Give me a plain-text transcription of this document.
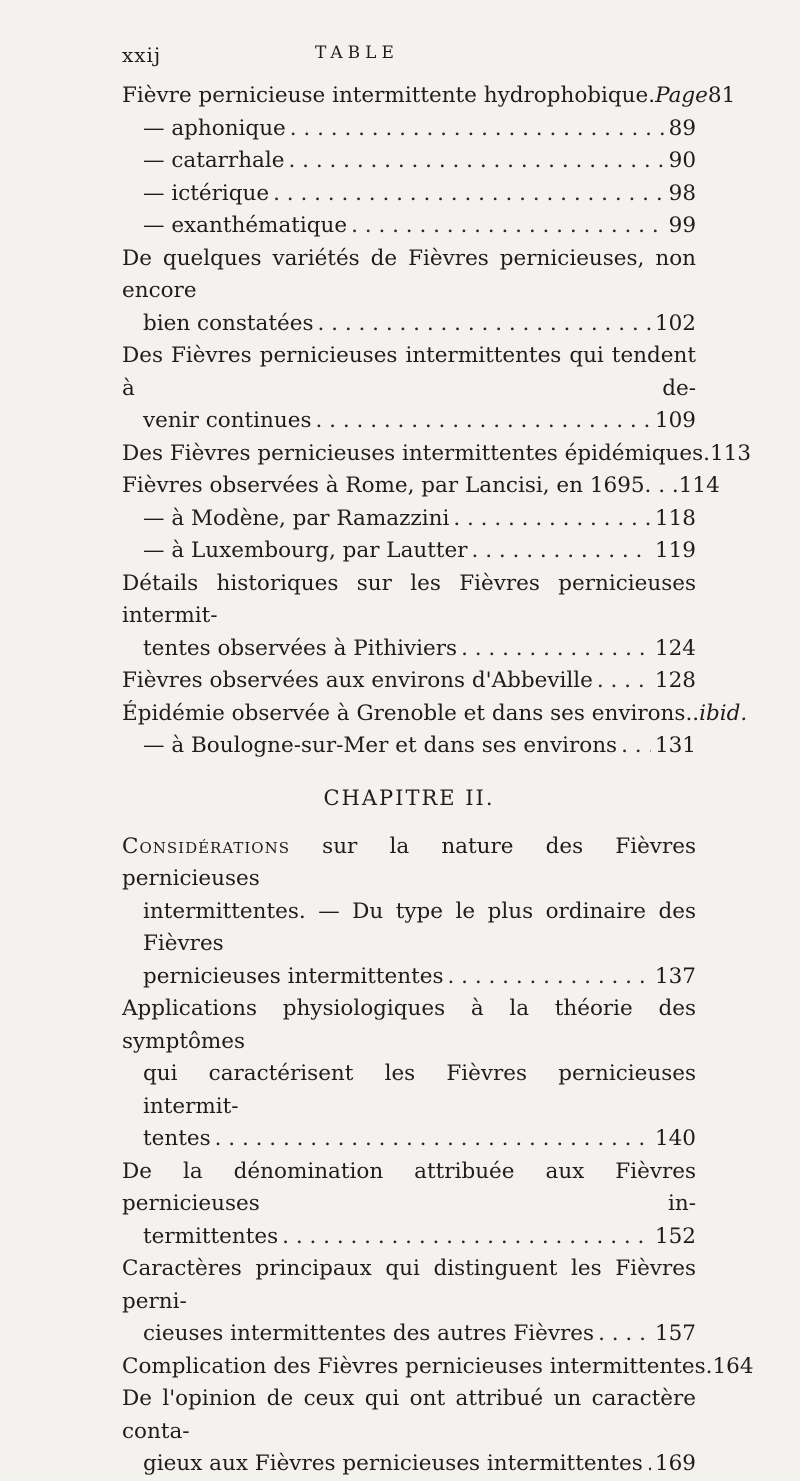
xxij	TABLE
Fièvre pernicieuse intermittente hydrophobique. Page 81
— aphonique . . .	89
— catarrhale . . .	90
— ictérique . . .	98
— exanthématique . . .	99
De quelques variétés de Fièvres pernicieuses, non encore
bien constatées . . .	102
Des Fièvres pernicieuses intermittentes qui tendent à de-
venir continues . . .	109
Des Fièvres pernicieuses intermittentes épidémiques. 113
Fièvres observées à Rome, par Lancisi, en 1695. . . 114
— à Modène, par Ramazzini . . .	118
— à Luxembourg, par Lautter . . .	119
Détails historiques sur les Fièvres pernicieuses intermit-
tentes observées à Pithiviers . . .	124
Fièvres observées aux environs d'Abbeville . . .	128
Épidémie observée à Grenoble et dans ses environs.. ibid.
— à Boulogne-sur-Mer et dans ses environs . . . 131
CHAPITRE II.
Considérations sur la nature des Fièvres pernicieuses
intermittentes. — Du type le plus ordinaire des Fièvres
pernicieuses intermittentes . . .	137
Applications physiologiques à la théorie des symptômes
qui caractérisent les Fièvres pernicieuses intermit-
tentes . . .	140
De la dénomination attribuée aux Fièvres pernicieuses in-
termittentes . . .	152
Caractères principaux qui distinguent les Fièvres perni-
cieuses intermittentes des autres Fièvres . . .	157
Complication des Fièvres pernicieuses intermittentes. 164
De l'opinion de ceux qui ont attribué un caractère conta-
gieux aux Fièvres pernicieuses intermittentes . . . 169
